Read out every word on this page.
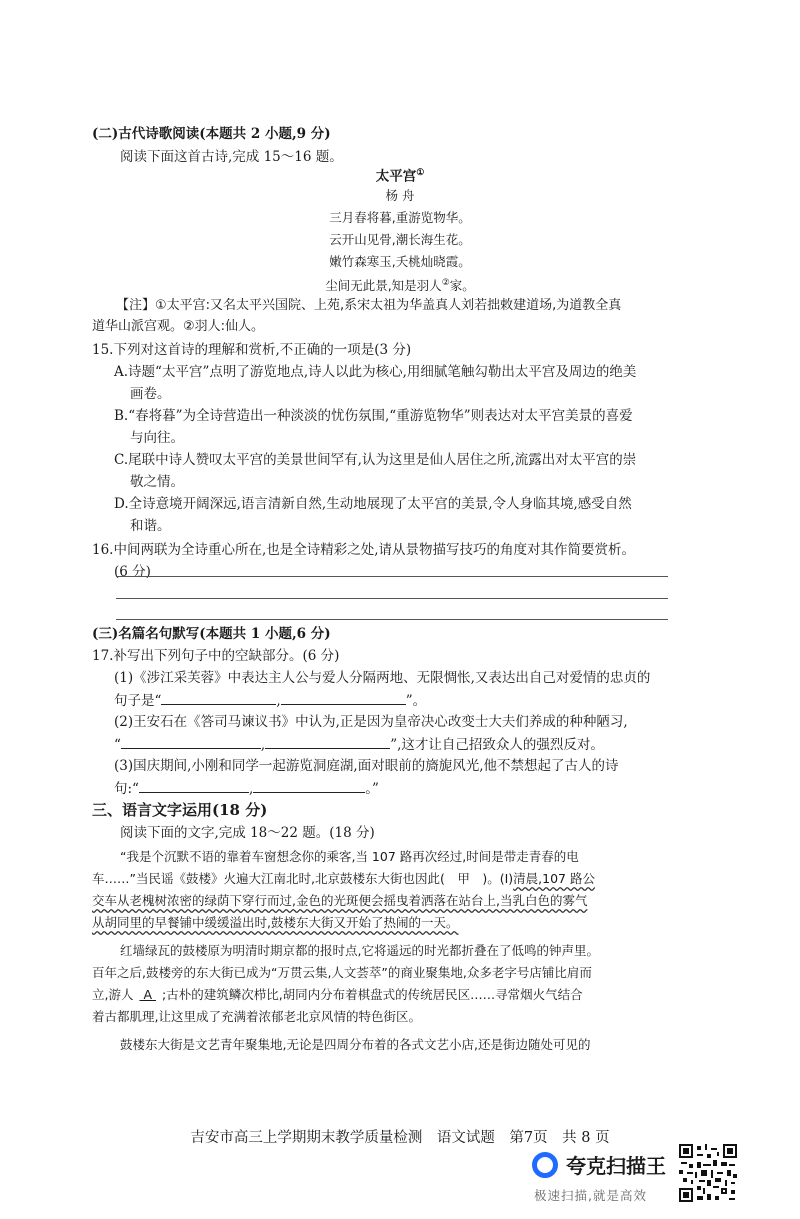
(二)古代诗歌阅读(本题共 2 小题,9 分)
阅读下面这首古诗,完成 15～16 题。
太平宫①
杨 舟
三月春将暮,重游览物华。
云开山见骨,潮长海生花。
嫩竹森寒玉,夭桃灿晓霞。
尘间无此景,知是羽人②家。
【注】①太平宫:又名太平兴国院、上苑,系宋太祖为华盖真人刘若拙敕建道场,为道教全真
道华山派宫观。②羽人:仙人。
15.下列对这首诗的理解和赏析,不正确的一项是(3 分)
A.诗题“太平宫”点明了游览地点,诗人以此为核心,用细腻笔触勾勒出太平宫及周边的绝美
画卷。
B.“春将暮”为全诗营造出一种淡淡的忧伤氛围,“重游览物华”则表达对太平宫美景的喜爱
与向往。
C.尾联中诗人赞叹太平宫的美景世间罕有,认为这里是仙人居住之所,流露出对太平宫的崇
敬之情。
D.全诗意境开阔深远,语言清新自然,生动地展现了太平宫的美景,令人身临其境,感受自然
和谐。
16.中间两联为全诗重心所在,也是全诗精彩之处,请从景物描写技巧的角度对其作简要赏析。
(6 分)
(三)名篇名句默写(本题共 1 小题,6 分)
17.补写出下列句子中的空缺部分。(6 分)
(1)《涉江采芙蓉》中表达主人公与爱人分隔两地、无限惆怅,又表达出自己对爱情的忠贞的
句子是“	,	”。
(2)王安石在《答司马谏议书》中认为,正是因为皇帝决心改变士大夫们养成的种种陋习,
“	,	”,这才让自己招致众人的强烈反对。
(3)国庆期间,小刚和同学一起游览洞庭湖,面对眼前的旖旎风光,他不禁想起了古人的诗
句:“	,	。”
三、语言文字运用(18 分)
阅读下面的文字,完成 18～22 题。(18 分)
“我是个沉默不语的靠着车窗想念你的乘客,当 107 路再次经过,时间是带走青春的电
车……”当民谣《鼓楼》火遍大江南北时,北京鼓楼东大街也因此(　甲　)。(Ⅰ)清晨,107 路公
交车从老槐树浓密的绿荫下穿行而过,金色的光斑便会摇曳着洒落在站台上,当乳白色的雾气
从胡同里的早餐铺中缓缓溢出时,鼓楼东大街又开始了热闹的一天。
红墙绿瓦的鼓楼原为明清时期京都的报时点,它将遥远的时光都折叠在了低鸣的钟声里。
百年之后,鼓楼旁的东大街已成为“万贯云集,人文荟萃”的商业聚集地,众多老字号店铺比肩而
立,游人 A ;古朴的建筑鳞次栉比,胡同内分布着棋盘式的传统居民区……寻常烟火气结合
着古都肌理,让这里成了充满着浓郁老北京风情的特色街区。
鼓楼东大街是文艺青年聚集地,无论是四周分布着的各式文艺小店,还是街边随处可见的
吉安市高三上学期期末教学质量检测　语文试题　第7页　共 8 页
夸克扫描王
极速扫描,就是高效
